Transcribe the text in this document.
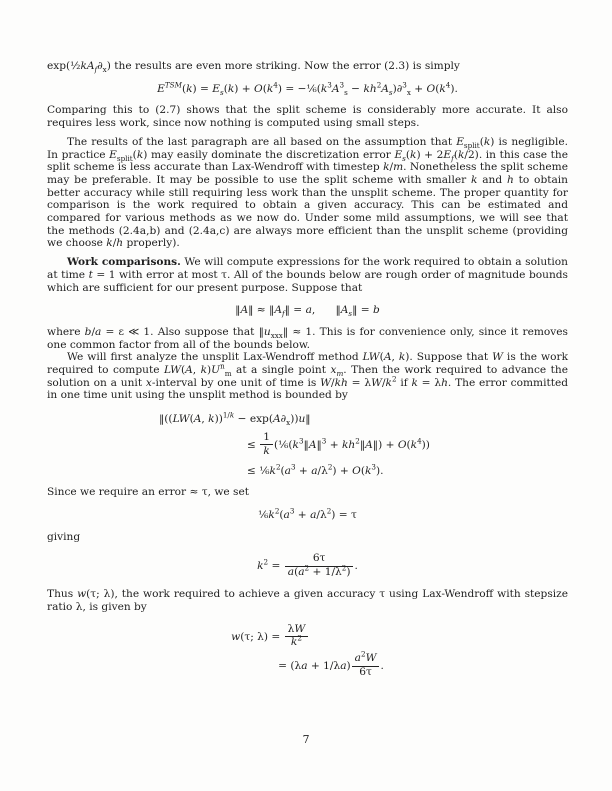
$\exp(\frac{1}{2}kA_f\partial_x)$ the results are even more striking. Now the error (2.3) is simply

$E^{TSM}(k) = E_s(k) + O(k^4)$ = $-\frac{1}{6}(k^3A^3_s - kh^2A_s)\partial^3_x + O(k^4)$.

Comparing this to (2.7) shows that the split scheme is considerably more accurate. It also requires less work, since now nothing is computed using small steps.

The results of the last paragraph are all based on the assumption that $E_{split}(k)$ is negligible. In practice $E_{split}(k)$ may easily dominate the discretization error $E_s(k) + 2E_f(k/2)$. in this case the split scheme is less accurate than Lax-Wendroff with timestep k/m. Nonetheless the split scheme may be preferable. It may be possible to use the split scheme with smaller k and h to obtain better accuracy while still requiring less work than the unsplit scheme. The proper quantity for comparison is the work required to obtain a given accuracy. This can be estimated and compared for various methods as we now do. Under some mild assumptions, we will see that the methods (2.4a,b) and (2.4a,c) are always more efficient than the unsplit scheme (providing we choose k/h properly).

Work comparisons. We will compute expressions for the work required to obtain a solution at time t = 1 with error at most τ. All of the bounds below are rough order of magnitude bounds which are sufficient for our present purpose. Suppose that

‖A‖ ≈ $‖A_f‖ = a$,      $‖A_s‖ = b$

where b/a = ε ≪ 1. Also suppose that $‖u_{xxx}‖ \approx 1$. This is for convenience only, since it removes one common factor from all of the bounds below.

We will first analyze the unsplit Lax-Wendroff method LW(A, k). Suppose that W is the work required to compute LW(A, $k)U^n_m$ at a single point $x_m$. Then the work required to advance the solution on a unit x-interval by one unit of time is $W/kh = \lambda W/k^2$ if k = λh. The error committed in one time unit using the unsplit method is bounded by

‖((LW(A, $k))^{1/k} - \exp(A\partial_x))u‖$
≤ $\frac{1}{k}$ ($\frac{1}{6}(k^3‖A‖^3$ + $kh^2‖A‖) + O(k^4)$)
≤ $\frac{1}{6}k^2(a^3 + a/\lambda^2) + O(k^3)$.

Since we require an error ≈ τ, we set

$\frac{1}{6}k^2(a^3 + a/\lambda^2) = \tau$

giving

$k^2 = \frac{6\tau}{a(a^2 + 1/\lambda^2)}$ .

Thus w(τ; λ), the work required to achieve a given accuracy τ using Lax-Wendroff with stepsize ratio λ, is given by

w(τ; $\lambda) = \frac{\lambda W}{k^2}$
= $(\lambda a + 1/\lambda a) \frac{a^2W}{6\tau}$ .
7
